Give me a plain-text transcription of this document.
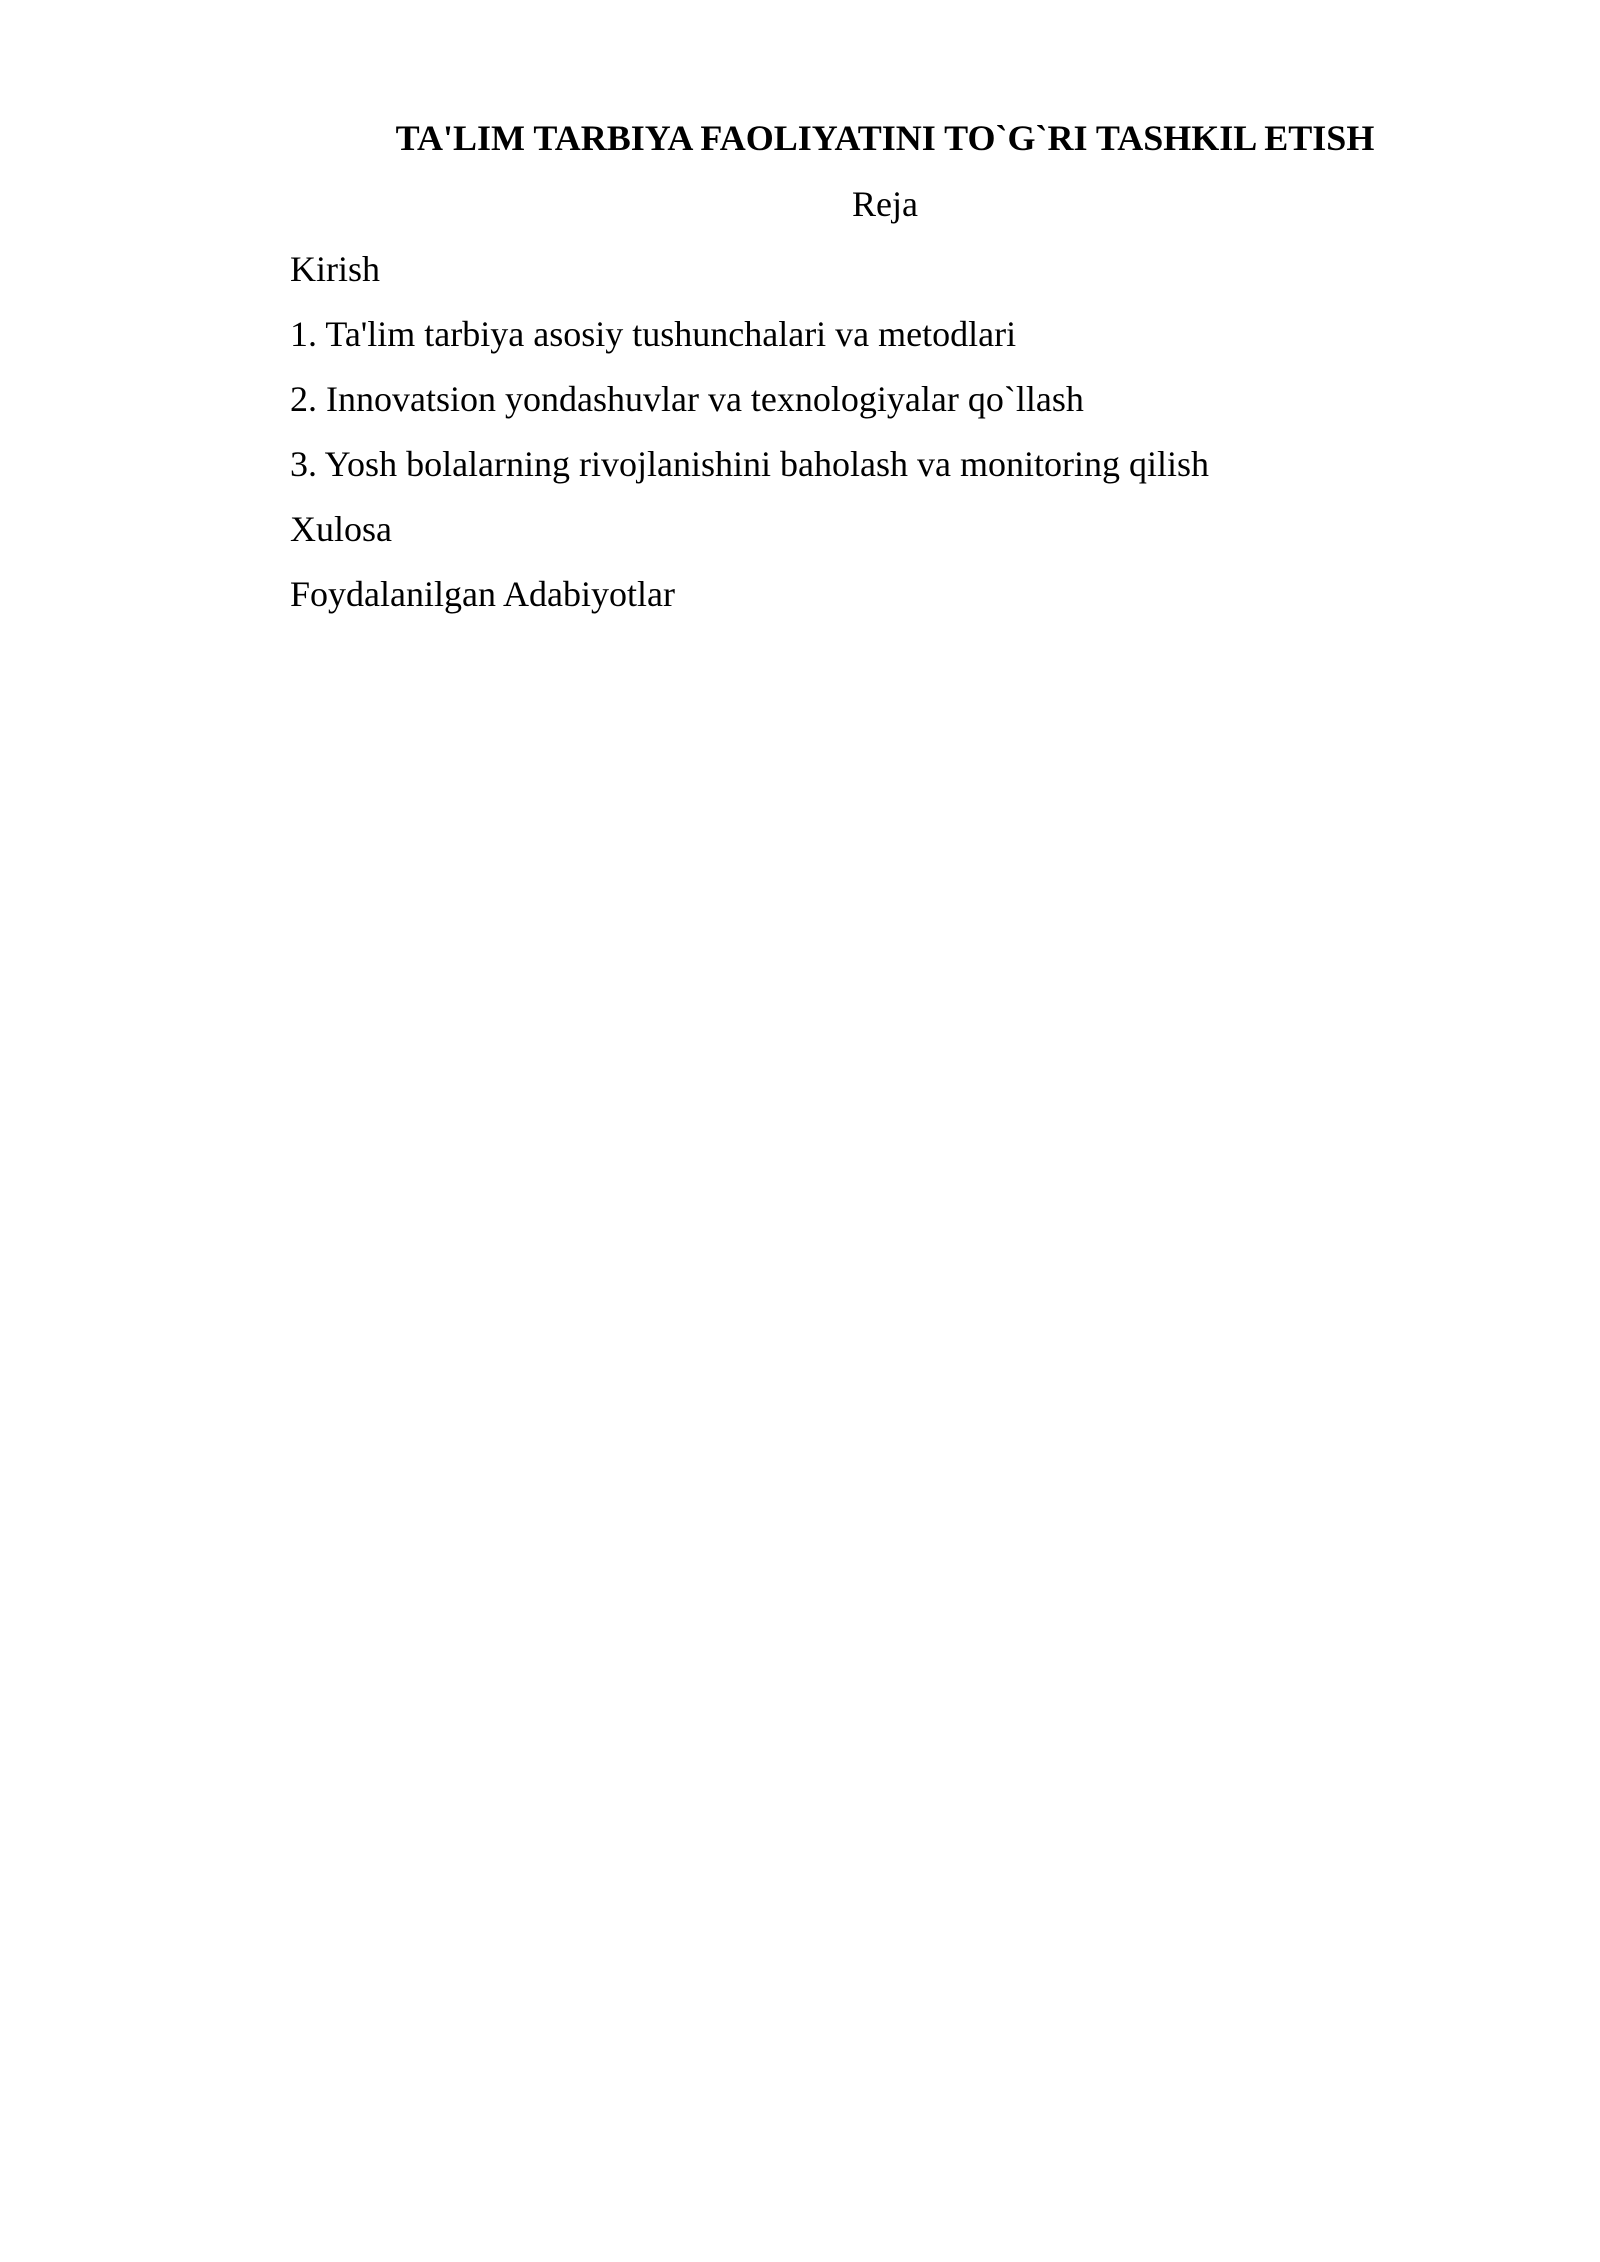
TA'LIM TARBIYA FAOLIYATINI TO`G`RI TASHKIL ETISH

Reja

Kirish
1. Ta'lim tarbiya asosiy tushunchalari va metodlari
2. Innovatsion yondashuvlar va texnologiyalar qo`llash
3. Yosh bolalarning rivojlanishini baholash va monitoring qilish
Xulosa
Foydalanilgan Adabiyotlar
